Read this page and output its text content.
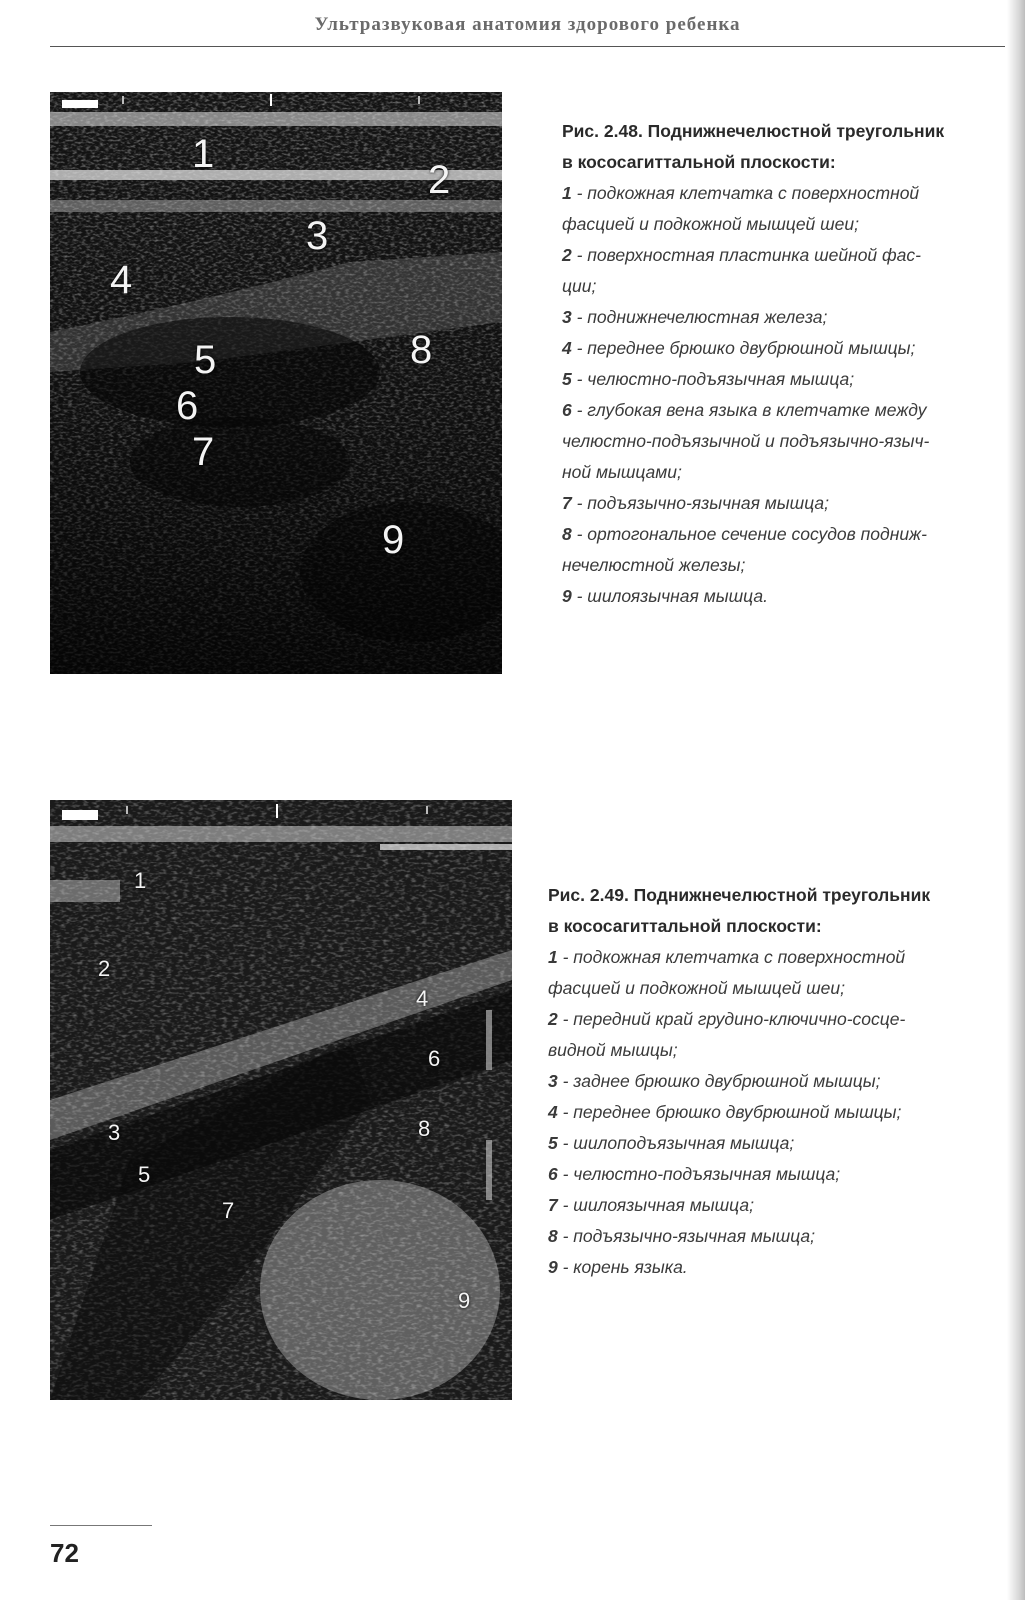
Ультразвуковая анатомия здорового ребенка
1
2
3
4
5
6
7
8
9
Рис. 2.48. Поднижнечелюстной треугольник
в кососагиттальной плоскости:
1 - подкожная клетчатка с поверхностной
фасцией и подкожной мышцей шеи;
2 - поверхностная пластинка шейной фас-
ции;
3 - поднижнечелюстная железа;
4 - переднее брюшко двубрюшной мышцы;
5 - челюстно-подъязычная мышца;
6 - глубокая вена языка в клетчатке между
челюстно-подъязычной и подъязычно-языч-
ной мышцами;
7 - подъязычно-язычная мышца;
8 - ортогональное сечение сосудов подниж-
нечелюстной железы;
9 - шилоязычная мышца.
1
2
3
4
5
6
7
8
9
Рис. 2.49. Поднижнечелюстной треугольник
в кососагиттальной плоскости:
1 - подкожная клетчатка с поверхностной
фасцией и подкожной мышцей шеи;
2 - передний край грудино-ключично-сосце-
видной мышцы;
3 - заднее брюшко двубрюшной мышцы;
4 - переднее брюшко двубрюшной мышцы;
5 - шилоподъязычная мышца;
6 - челюстно-подъязычная мышца;
7 - шилоязычная мышца;
8 - подъязычно-язычная мышца;
9 - корень языка.
72
